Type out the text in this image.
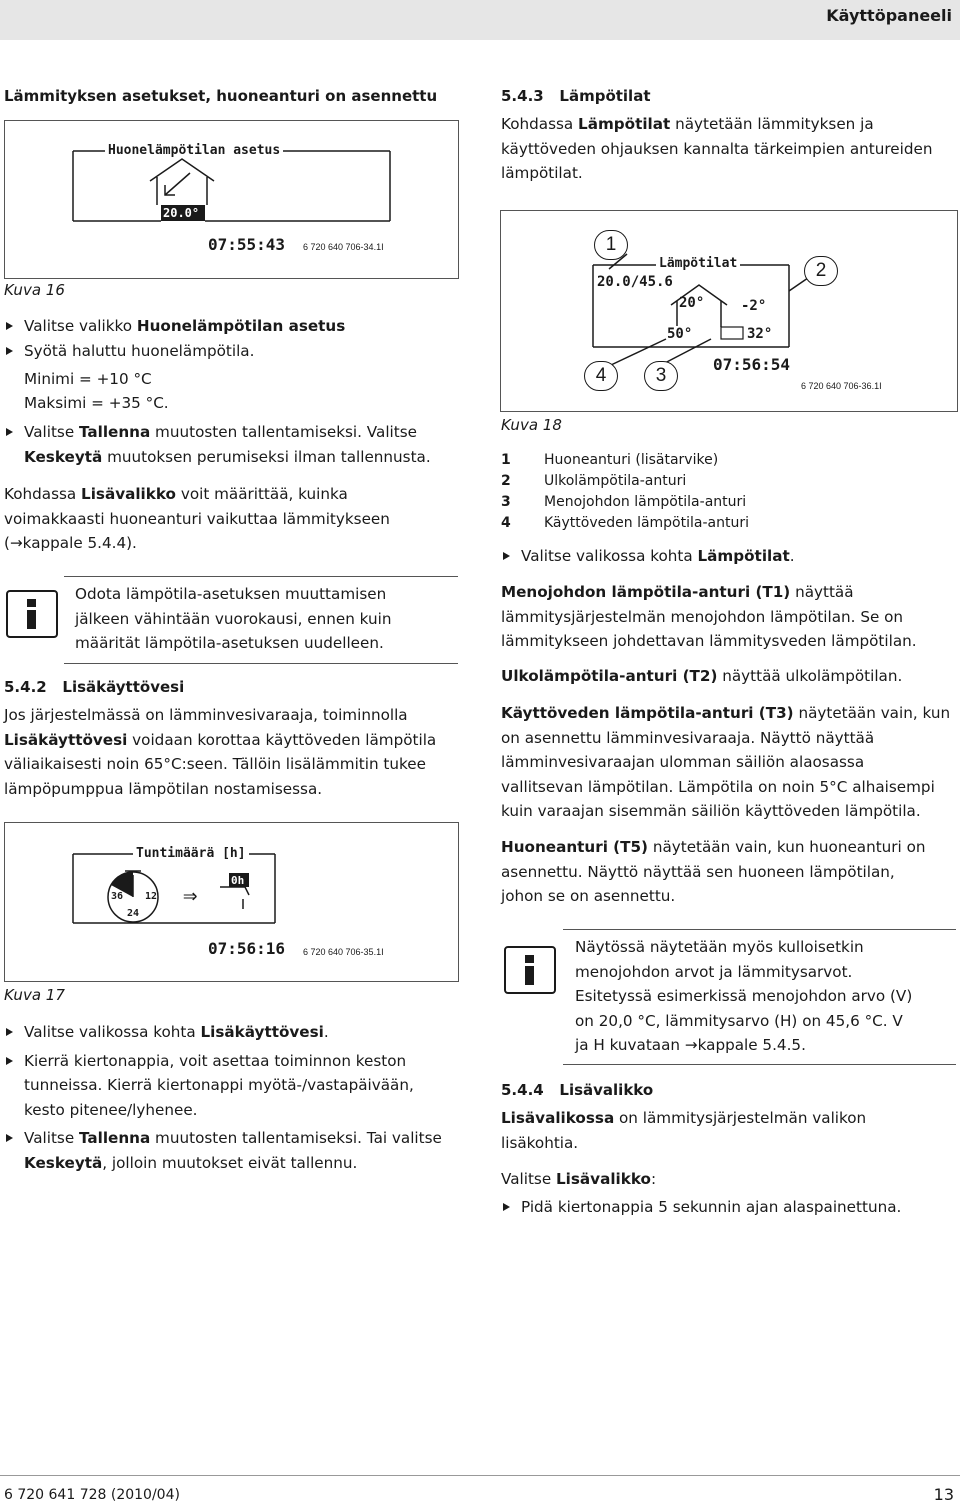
Käyttöpaneeli
Lämmityksen asetukset, huoneanturi on asennettu
Huonelämpötilan asetus
20.0°
07:55:43 6 720 640 706-34.1I
Kuva 16
Valitse valikko Huonelämpötilan asetus
Syötä haluttu huonelämpötila.
Minimi = +10 °C
Maksimi = +35 °C.
Valitse Tallenna muutosten tallentamiseksi. Valitse
Keskeytä muutoksen perumiseksi ilman tallennusta.
Kohdassa Lisävalikko voit määrittää, kuinka
voimakkaasti huoneanturi vaikuttaa lämmitykseen
(→kappale 5.4.4).
Odota lämpötila-asetuksen muuttamisen
jälkeen vähintään vuorokausi, ennen kuin
määrität lämpötila-asetuksen uudelleen.
5.4.2 Lisäkäyttövesi
Jos järjestelmässä on lämminvesivaraaja, toiminnolla
Lisäkäyttövesi voidaan korottaa käyttöveden lämpötila
väliaikaisesti noin 65°C:seen. Tällöin lisälämmitin tukee
lämpöpumppua lämpötilan nostamisessa.
Tuntimäärä [h]
48
36 12
24
⇒
0h
07:56:16 6 720 640 706-35.1I
Kuva 17
Valitse valikossa kohta Lisäkäyttövesi.
Kierrä kiertonappia, voit asettaa toiminnon keston
tunneissa. Kierrä kiertonappi myötä-/vastapäivään,
kesto pitenee/lyhenee.
Valitse Tallenna muutosten tallentamiseksi. Tai valitse
Keskeytä, jolloin muutokset eivät tallennu.
5.4.3 Lämpötilat
Kohdassa Lämpötilat näytetään lämmityksen ja
käyttöveden ohjauksen kannalta tärkeimpien antureiden
lämpötilat.
Lämpötilat
20.0/45.6
20°	-2°
50°	32°
07:56:54
6 720 640 706-36.1I
1
2
4	3
Kuva 18
1 Huoneanturi (lisätarvike)
2 Ulkolämpötila-anturi
3 Menojohdon lämpötila-anturi
4 Käyttöveden lämpötila-anturi
Valitse valikossa kohta Lämpötilat.
Menojohdon lämpötila-anturi (T1) näyttää
lämmitysjärjestelmän menojohdon lämpötilan. Se on
lämmitykseen johdettavan lämmitysveden lämpötilan.
Ulkolämpötila-anturi (T2) näyttää ulkolämpötilan.
Käyttöveden lämpötila-anturi (T3) näytetään vain, kun
on asennettu lämminvesivaraaja. Näyttö näyttää
lämminvesivaraajan ulomman säiliön alaosassa
vallitsevan lämpötilan. Lämpötila on noin 5°C alhaisempi
kuin varaajan sisemmän säiliön käyttöveden lämpötila.
Huoneanturi (T5) näytetään vain, kun huoneanturi on
asennettu. Näyttö näyttää sen huoneen lämpötilan,
johon se on asennettu.
Näytössä näytetään myös kulloisetkin
menojohdon arvot ja lämmitysarvot.
Esitetyssä esimerkissä menojohdon arvo (V)
on 20,0 °C, lämmitysarvo (H) on 45,6 °C. V
ja H kuvataan →kappale 5.4.5.
5.4.4 Lisävalikko
Lisävalikossa on lämmitysjärjestelmän valikon
lisäkohtia.
Valitse Lisävalikko:
Pidä kiertonappia 5 sekunnin ajan alaspainettuna.
6 720 641 728 (2010/04)	13
